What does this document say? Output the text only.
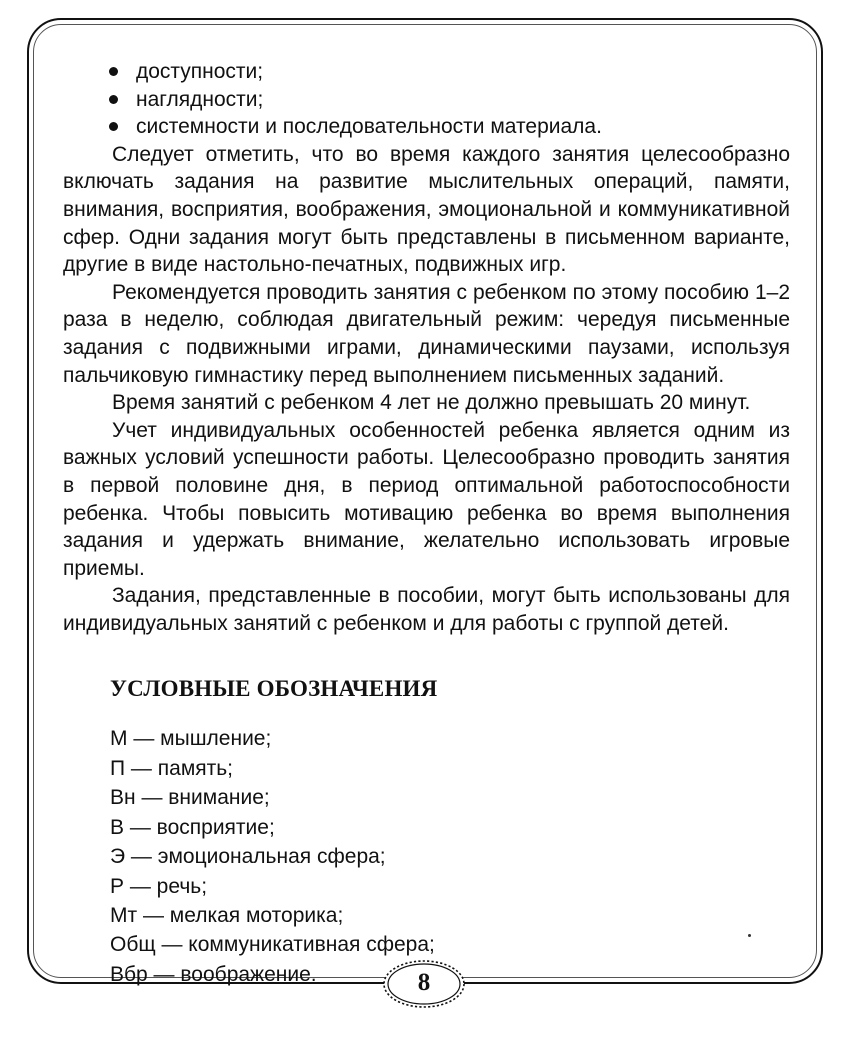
доступности;
наглядности;
системности и последовательности материала.

Следует отметить, что во время каждого занятия целесообразно включать задания на развитие мыслительных операций, памяти, внимания, восприятия, воображения, эмоциональной и коммуникативной сфер. Одни задания могут быть представлены в письменном варианте, другие в виде настольно-печатных, подвижных игр.

Рекомендуется проводить занятия с ребенком по этому пособию 1–2 раза в неделю, соблюдая двигательный режим: чередуя письменные задания с подвижными играми, динамическими паузами, используя пальчиковую гимнастику перед выполнением письменных заданий.

Время занятий с ребенком 4 лет не должно превышать 20 минут.

Учет индивидуальных особенностей ребенка является одним из важных условий успешности работы. Целесообразно проводить занятия в первой половине дня, в период оптимальной работоспособности ребенка. Чтобы повысить мотивацию ребенка во время выполнения задания и удержать внимание, желательно использовать игровые приемы.

Задания, представленные в пособии, могут быть использованы для индивидуальных занятий с ребенком и для работы с группой детей.

УСЛОВНЫЕ ОБОЗНАЧЕНИЯ
М — мышление;
П — память;
Вн — внимание;
В — восприятие;
Э — эмоциональная сфера;
Р — речь;
Мт — мелкая моторика;
Общ — коммуникативная сфера;
Вбр — воображение.	8
